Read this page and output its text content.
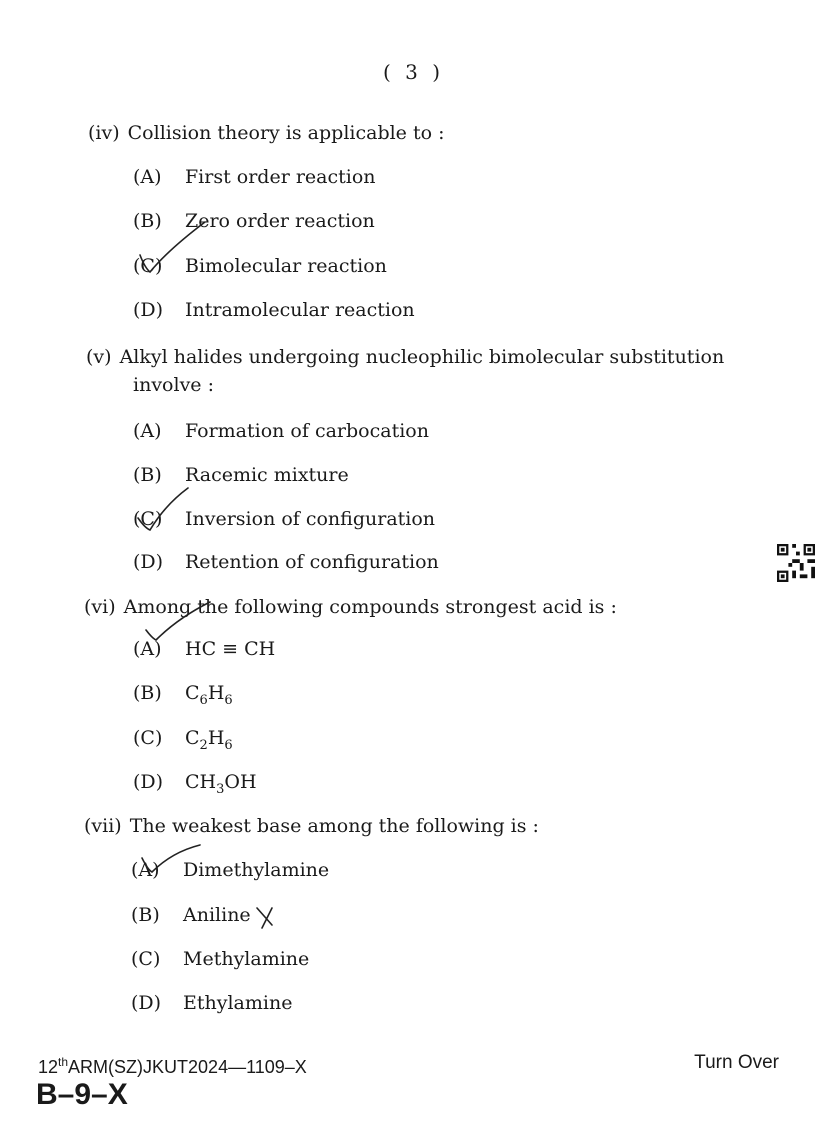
( 3 )
(iv) Collision theory is applicable to :
(A) First order reaction
(B) Zero order reaction
(C) Bimolecular reaction
(D) Intramolecular reaction
(v) Alkyl halides undergoing nucleophilic bimolecular substitution
involve :
(A) Formation of carbocation
(B) Racemic mixture
(C) Inversion of configuration
(D) Retention of configuration
(vi) Among the following compounds strongest acid is :
(A) HC ≡ CH
(B) $C_6H_6$
(C) $C_2H_6$
(D) $CH_3OH$
(vii) The weakest base among the following is :
(A) Dimethylamine
(B) Aniline
(C) Methylamine
(D) Ethylamine
12thARM(SZ)JKUT2024—1109–X
B–9–X
Turn Over
